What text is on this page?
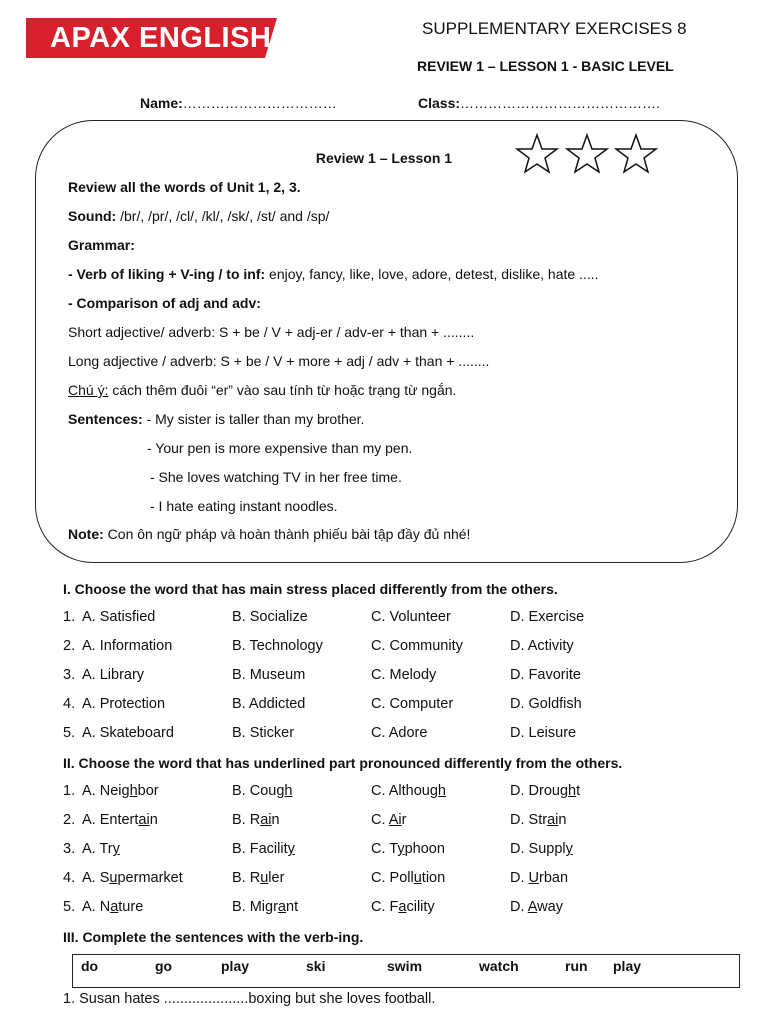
APAX ENGLISH	SUPPLEMENTARY EXERCISES 8
REVIEW 1 – LESSON 1 - BASIC LEVEL
Name:……………………………	Class:…………………………………….
Review 1 – Lesson 1
Review all the words of Unit 1, 2, 3.
Sound: /br/, /pr/, /cl/, /kl/, /sk/, /st/ and /sp/
Grammar:
- Verb of liking + V-ing / to inf: enjoy, fancy, like, love, adore, detest, dislike, hate .....
- Comparison of adj and adv:
Short adjective/ adverb: S + be / V + adj-er / adv-er + than + ........
Long adjective / adverb: S + be / V + more + adj / adv + than + ........
Chú ý: cách thêm đuôi “er” vào sau tính từ hoặc trạng từ ngắn.
Sentences: - My sister is taller than my brother.
- Your pen is more expensive than my pen.
- She loves watching TV in her free time.
- I hate eating instant noodles.
Note: Con ôn ngữ pháp và hoàn thành phiếu bài tập đầy đủ nhé!
I. Choose the word that has main stress placed differently from the others.
1. A. Satisfied	B. Socialize	C. Volunteer	D. Exercise
2. A. Information	B. Technology	C. Community	D. Activity
3. A. Library	B. Museum	C. Melody	D. Favorite
4. A. Protection	B. Addicted	C. Computer	D. Goldfish
5. A. Skateboard	B. Sticker	C. Adore	D. Leisure
II. Choose the word that has underlined part pronounced differently from the others.
1. A. Neighbor	B. Cough	C. Although	D. Drought
2. A. Entertain	B. Rain	C. Air	D. Strain
3. A. Try	B. Facility	C. Typhoon	D. Supply
4. A. Supermarket	B. Ruler	C. Pollution	D. Urban
5. A. Nature	B. Migrant	C. Facility	D. Away
III. Complete the sentences with the verb-ing.
do	go	play	ski	swim	watch	run play
1. Susan hates .....................boxing but she loves football.
